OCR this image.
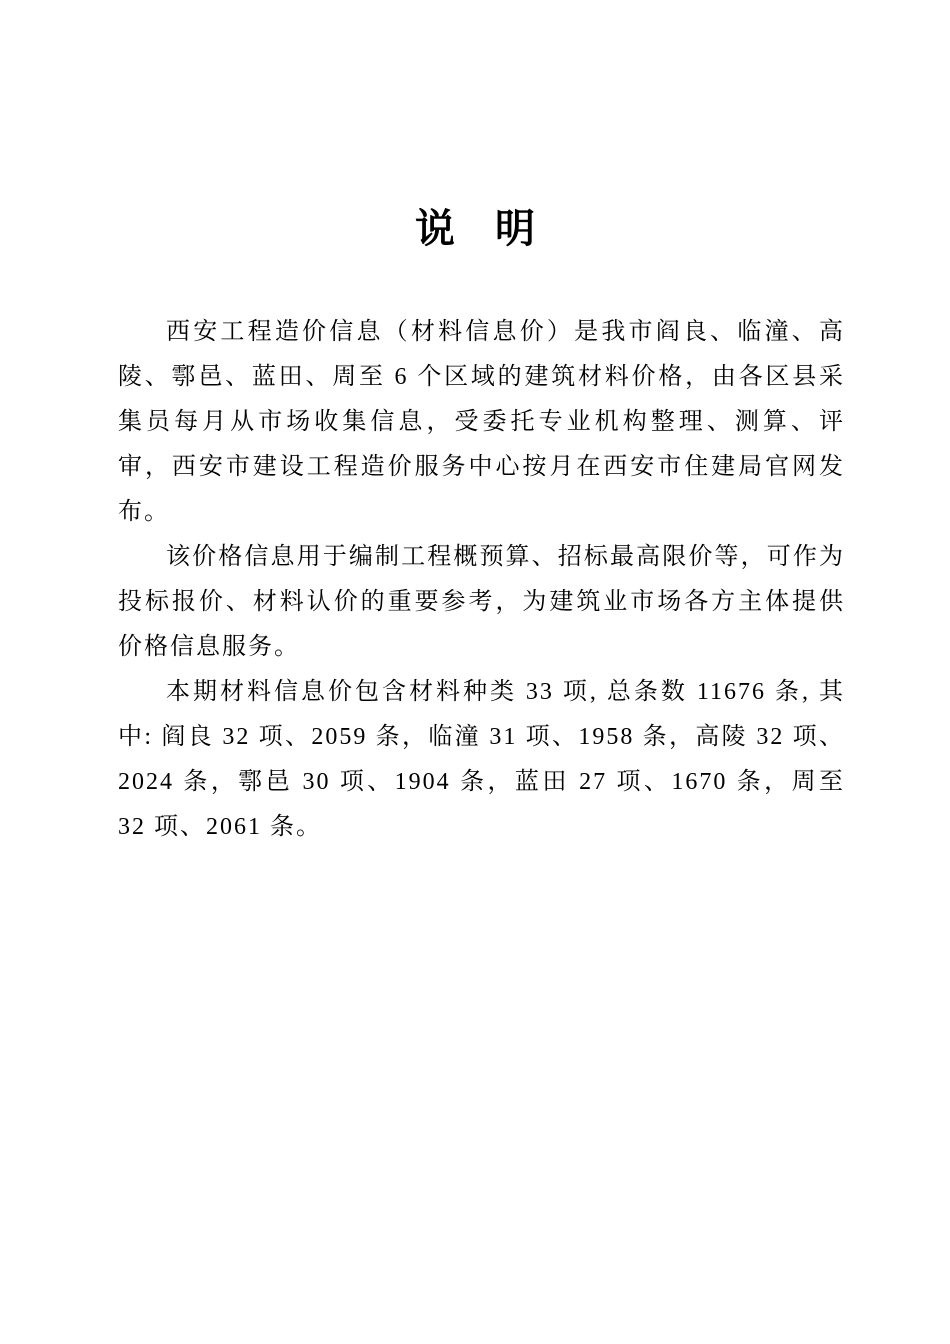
说　明

西安工程造价信息（材料信息价）是我市阎良、临潼、高陵、鄠邑、蓝田、周至 6 个区域的建筑材料价格，由各区县采集员每月从市场收集信息，受委托专业机构整理、测算、评审，西安市建设工程造价服务中心按月在西安市住建局官网发布。

该价格信息用于编制工程概预算、招标最高限价等，可作为投标报价、材料认价的重要参考，为建筑业市场各方主体提供价格信息服务。

本期材料信息价包含材料种类 33 项, 总条数 11676 条, 其中: 阎良 32 项、2059 条，临潼 31 项、1958 条，高陵 32 项、2024 条，鄠邑 30 项、1904 条，蓝田 27 项、1670 条，周至 32 项、2061 条。
